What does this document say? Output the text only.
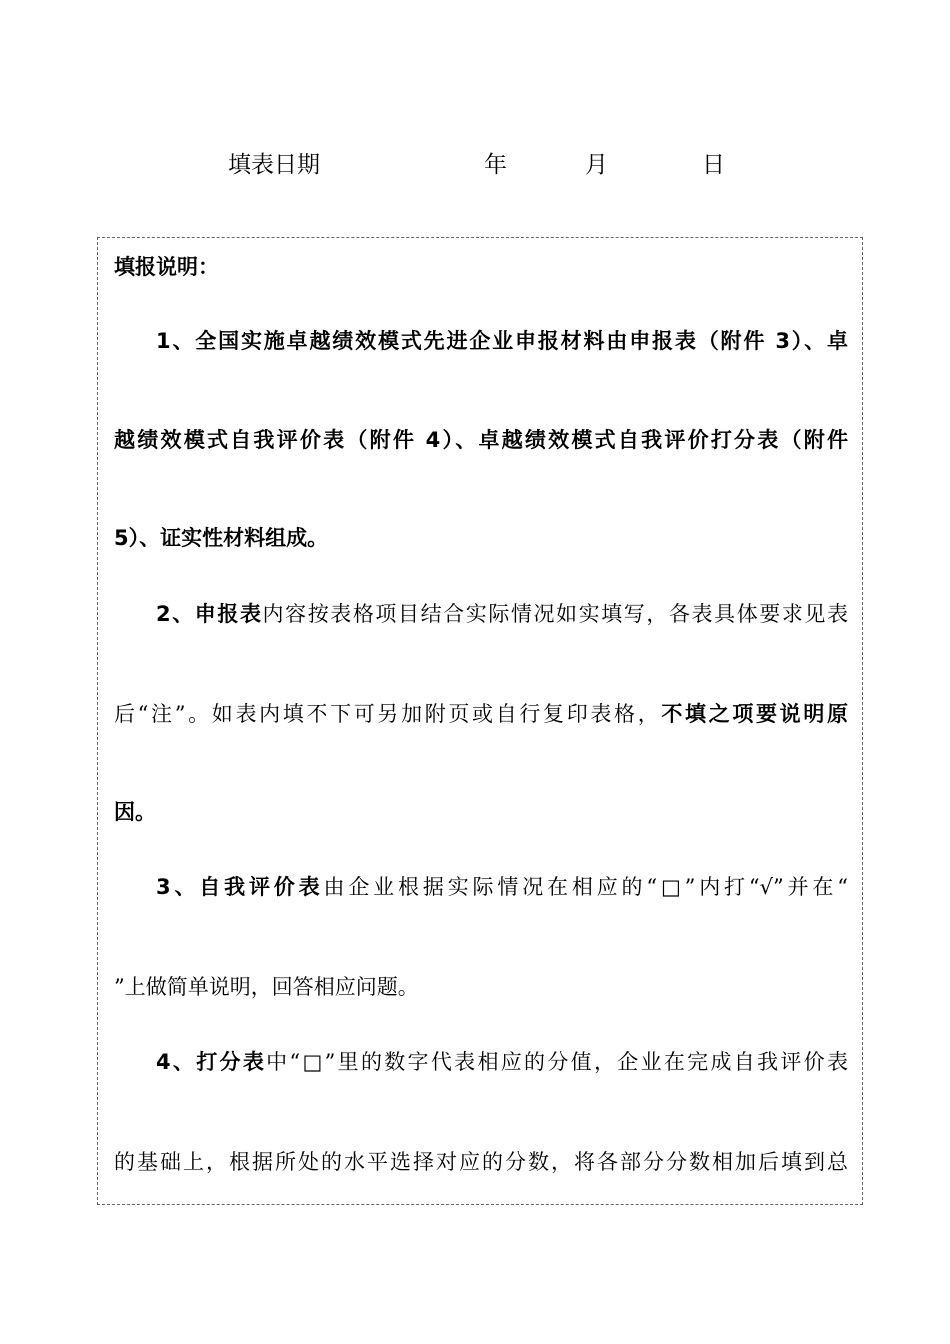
填表日期	年	月	日
填报说明：
1、全国实施卓越绩效模式先进企业申报材料由申报表（附件 3）、卓
越绩效模式自我评价表（附件 4）、卓越绩效模式自我评价打分表（附件
5）、证实性材料组成。
2、申报表内容按表格项目结合实际情况如实填写，各表具体要求见表
后“注”。如表内填不下可另加附页或自行复印表格，不填之项要说明原
因。
3、自我评价表由企业根据实际情况在相应的“□”内打“√”并在“
”上做简单说明，回答相应问题。
4、打分表中“□”里的数字代表相应的分值，企业在完成自我评价表
的基础上，根据所处的水平选择对应的分数，将各部分分数相加后填到总
